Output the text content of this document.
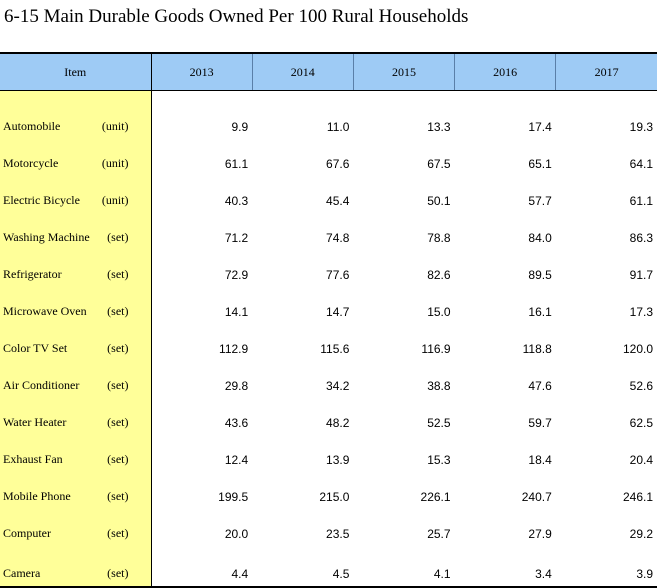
6-15 Main Durable Goods Owned Per 100 Rural Households
Item	2013	2014	2015	2016	2017

Automobile (unit)	9.9	11.0	13.3	17.4	19.3

Motorcycle (unit)	61.1	67.6	67.5	65.1	64.1

Electric Bicycle (unit)	40.3	45.4	50.1	57.7	61.1

Washing Machine (set)	71.2	74.8	78.8	84.0	86.3

Refrigerator (set)	72.9	77.6	82.6	89.5	91.7

Microwave Oven (set)	14.1	14.7	15.0	16.1	17.3

Color TV Set (set)	112.9	115.6	116.9	118.8	120.0

Air Conditioner (set)	29.8	34.2	38.8	47.6	52.6

Water Heater (set)	43.6	48.2	52.5	59.7	62.5

Exhaust Fan (set)	12.4	13.9	15.3	18.4	20.4

Mobile Phone (set)	199.5	215.0	226.1	240.7	246.1

Computer (set)	20.0	23.5	25.7	27.9	29.2

Camera (set)	4.4	4.5	4.1	3.4	3.9
